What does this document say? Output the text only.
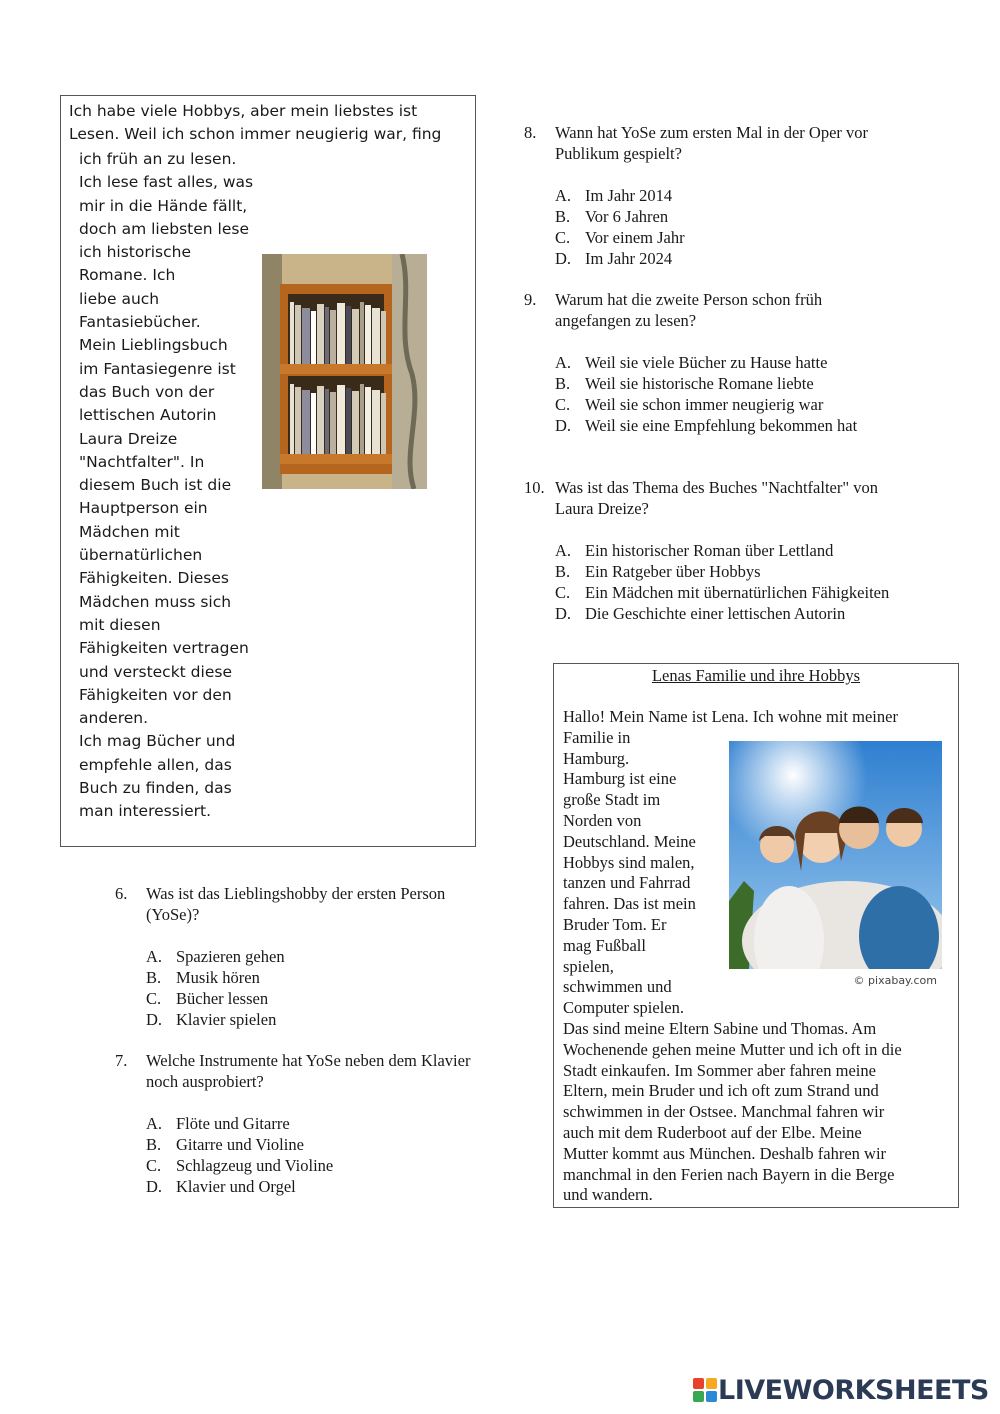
Ich habe viele Hobbys, aber mein liebstes ist
Lesen. Weil ich schon immer neugierig war, fing
ich früh an zu lesen.
Ich lese fast alles, was
mir in die Hände fällt,
doch am liebsten lese
ich historische
Romane. Ich
liebe auch
Fantasiebücher.
Mein Lieblingsbuch
im Fantasiegenre ist
das Buch von der
lettischen Autorin
Laura Dreize
"Nachtfalter". In
diesem Buch ist die
Hauptperson ein
Mädchen mit
übernatürlichen
Fähigkeiten. Dieses
Mädchen muss sich
mit diesen
Fähigkeiten vertragen
und versteckt diese
Fähigkeiten vor den
anderen.
Ich mag Bücher und
empfehle allen, das
Buch zu finden, das
man interessiert.
6. Was ist das Lieblingshobby der ersten Person (YoSe)?
A. Spazieren gehen
B. Musik hören
C. Bücher lessen
D. Klavier spielen
7. Welche Instrumente hat YoSe neben dem Klavier noch ausprobiert?
A. Flöte und Gitarre
B. Gitarre und Violine
C. Schlagzeug und Violine
D. Klavier und Orgel
8. Wann hat YoSe zum ersten Mal in der Oper vor Publikum gespielt?
A. Im Jahr 2014
B. Vor 6 Jahren
C. Vor einem Jahr
D. Im Jahr 2024
9. Warum hat die zweite Person schon früh angefangen zu lesen?
A. Weil sie viele Bücher zu Hause hatte
B. Weil sie historische Romane liebte
C. Weil sie schon immer neugierig war
D. Weil sie eine Empfehlung bekommen hat
10. Was ist das Thema des Buches "Nachtfalter" von Laura Dreize?
A. Ein historischer Roman über Lettland
B. Ein Ratgeber über Hobbys
C. Ein Mädchen mit übernatürlichen Fähigkeiten
D. Die Geschichte einer lettischen Autorin
Lenas Familie und ihre Hobbys
© pixabay.com
Hallo! Mein Name ist Lena. Ich wohne mit meiner
Familie in
Hamburg.
Hamburg ist eine
große Stadt im
Norden von
Deutschland. Meine
Hobbys sind malen,
tanzen und Fahrrad
fahren. Das ist mein
Bruder Tom. Er
mag Fußball
spielen,
schwimmen und
Computer spielen.
Das sind meine Eltern Sabine und Thomas. Am
Wochenende gehen meine Mutter und ich oft in die
Stadt einkaufen. Im Sommer aber fahren meine
Eltern, mein Bruder und ich oft zum Strand und
schwimmen in der Ostsee. Manchmal fahren wir
auch mit dem Ruderboot auf der Elbe. Meine
Mutter kommt aus München. Deshalb fahren wir
manchmal in den Ferien nach Bayern in die Berge
und wandern.
LIVEWORKSHEETS
